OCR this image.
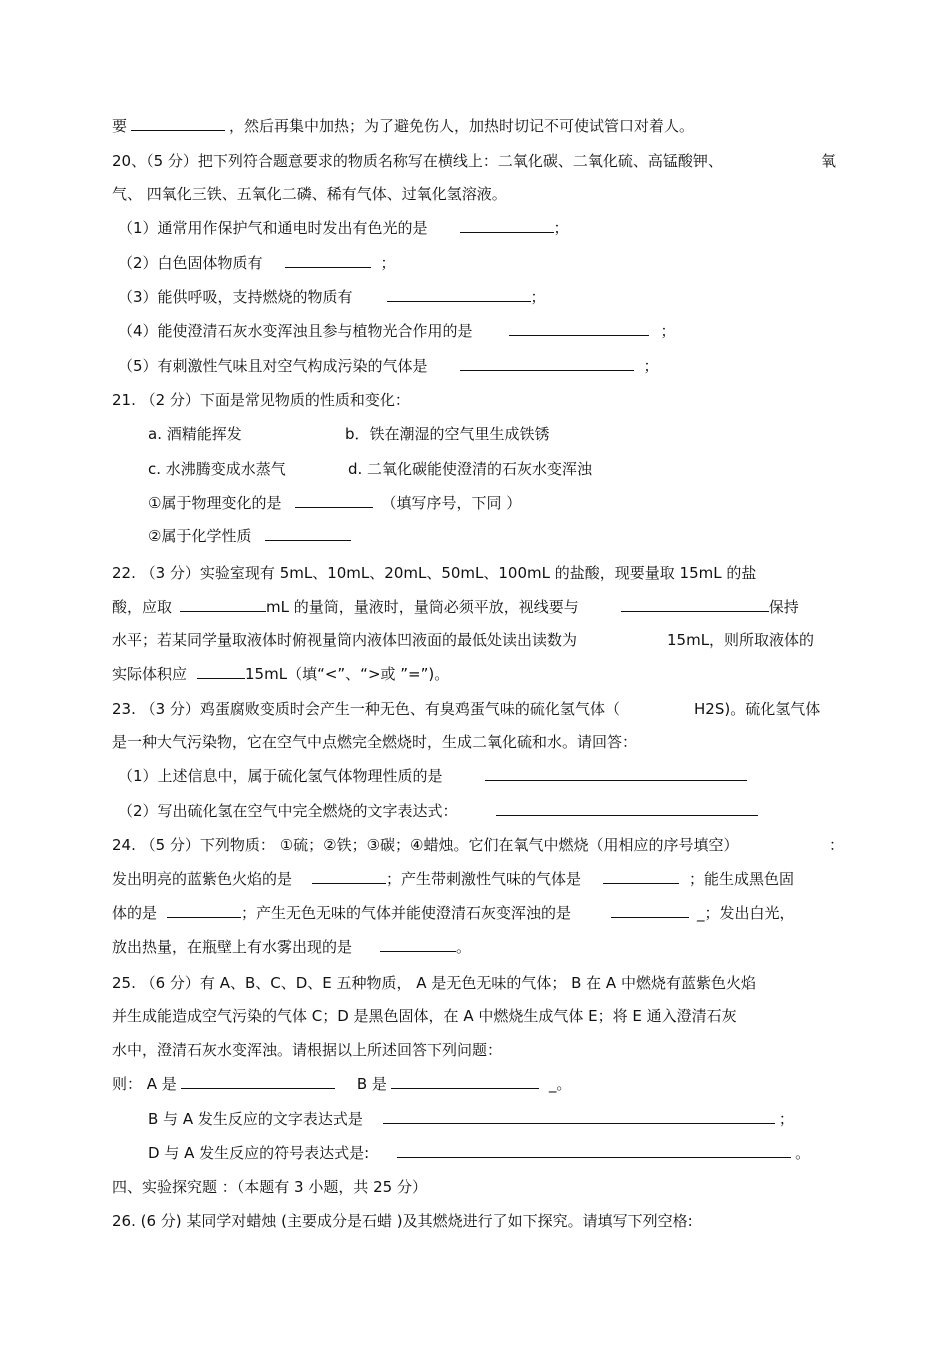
要	，然后再集中加热；为了避免伤人，加热时切记不可使试管口对着人。
20、（5 分）把下列符合题意要求的物质名称写在横线上：二氧化碳、二氧化硫、高锰酸钾、	氧
气、 四氧化三铁、五氧化二磷、稀有气体、过氧化氢溶液。
（1）通常用作保护气和通电时发出有色光的是	；
（2）白色固体物质有	；
（3）能供呼吸，支持燃烧的物质有	；
（4）能使澄清石灰水变浑浊且参与植物光合作用的是	；
（5）有刺激性气味且对空气构成污染的气体是	；
21. （2 分）下面是常见物质的性质和变化：
a. 酒精能挥发	b．铁在潮湿的空气里生成铁锈
c. 水沸腾变成水蒸气	d. 二氧化碳能使澄清的石灰水变浑浊
①属于物理变化的是	（填写序号，下同 ）
②属于化学性质
22. （3 分）实验室现有 5mL、10mL、20mL、50mL、100mL 的盐酸，现要量取 15mL 的盐
酸，应取	mL 的量筒，量液时，量筒必须平放，视线要与	保持
水平；若某同学量取液体时俯视量筒内液体凹液面的最低处读出读数为	15mL，则所取液体的
实际体积应	15mL（填“<”、“>或 ”=”)。
23. （3 分）鸡蛋腐败变质时会产生一种无色、有臭鸡蛋气味的硫化氢气体（	H2S)。硫化氢气体
是一种大气污染物，它在空气中点燃完全燃烧时，生成二氧化硫和水。请回答：
（1）上述信息中，属于硫化氢气体物理性质的是
（2）写出硫化氢在空气中完全燃烧的文字表达式：
24. （5 分）下列物质： ①硫；②铁；③碳；④蜡烛。它们在氧气中燃烧（用相应的序号填空）	：
发出明亮的蓝紫色火焰的是	；产生带刺激性气味的气体是	；能生成黑色固
体的是	；产生无色无味的气体并能使澄清石灰变浑浊的是	_；发出白光，
放出热量，在瓶壁上有水雾出现的是	。
25. （6 分）有 A、B、C、D、E 五种物质， A 是无色无味的气体； B 在 A 中燃烧有蓝紫色火焰
并生成能造成空气污染的气体 C；D 是黑色固体，在 A 中燃烧生成气体 E；将 E 通入澄清石灰
水中，澄清石灰水变浑浊。请根据以上所述回答下列问题：
则： A 是	B 是	_。
B 与 A 发生反应的文字表达式是	；
D 与 A 发生反应的符号表达式是:	。
四、实验探究题 ：（本题有 3 小题，共 25 分）
26. (6 分) 某同学对蜡烛 (主要成分是石蜡 )及其燃烧进行了如下探究。请填写下列空格:
